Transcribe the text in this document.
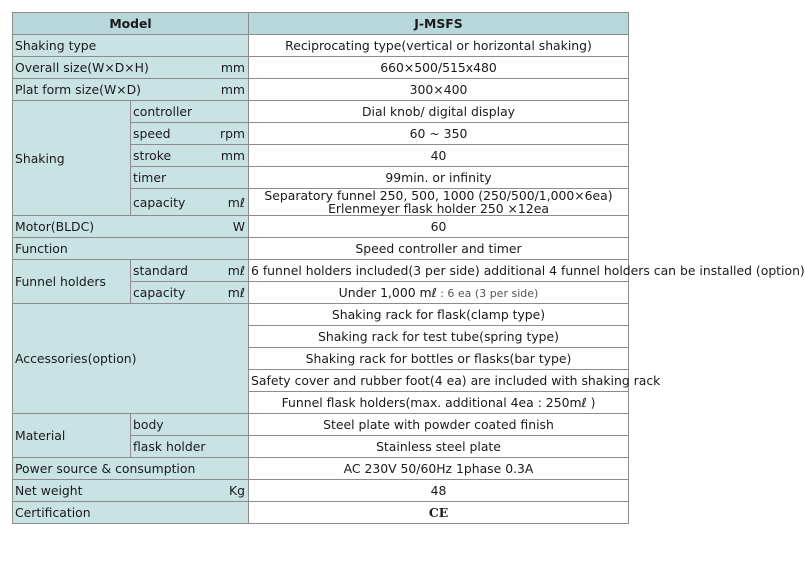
Model		J-MSFS

Shaking type		Reciprocating type(vertical or horizontal shaking)

Overall size(W×D×H) mm		660×500/515x480

Plat form size(W×D) mm		300×400

Shaking	controller	Dial knob/ digital display

	speed rpm	60 ~ 350

	stroke mm	40

	timer	99min. or infinity

	capacity mℓ	Separatory funnel 250, 500, 1000 (250/500/1,000×6ea)
Erlenmeyer flask holder 250 ×12ea

Motor(BLDC) W		60

Function		Speed controller and timer

Funnel holders	standard mℓ	6 funnel holders included(3 per side) additional 4 funnel holders can be installed (option)

	capacity mℓ	Under 1,000 mℓ : 6 ea (3 per side)

Accessories(option)		Shaking rack for flask(clamp type)
		Shaking rack for test tube(spring type)
		Shaking rack for bottles or flasks(bar type)
		Safety cover and rubber foot(4 ea) are included with shaking rack
		Funnel flask holders(max. additional 4ea : 250mℓ )

Material	body	Steel plate with powder coated finish

	flask holder	Stainless steel plate

Power source & consumption		AC 230V 50/60Hz 1phase 0.3A

Net weight Kg		48

Certification		CE
